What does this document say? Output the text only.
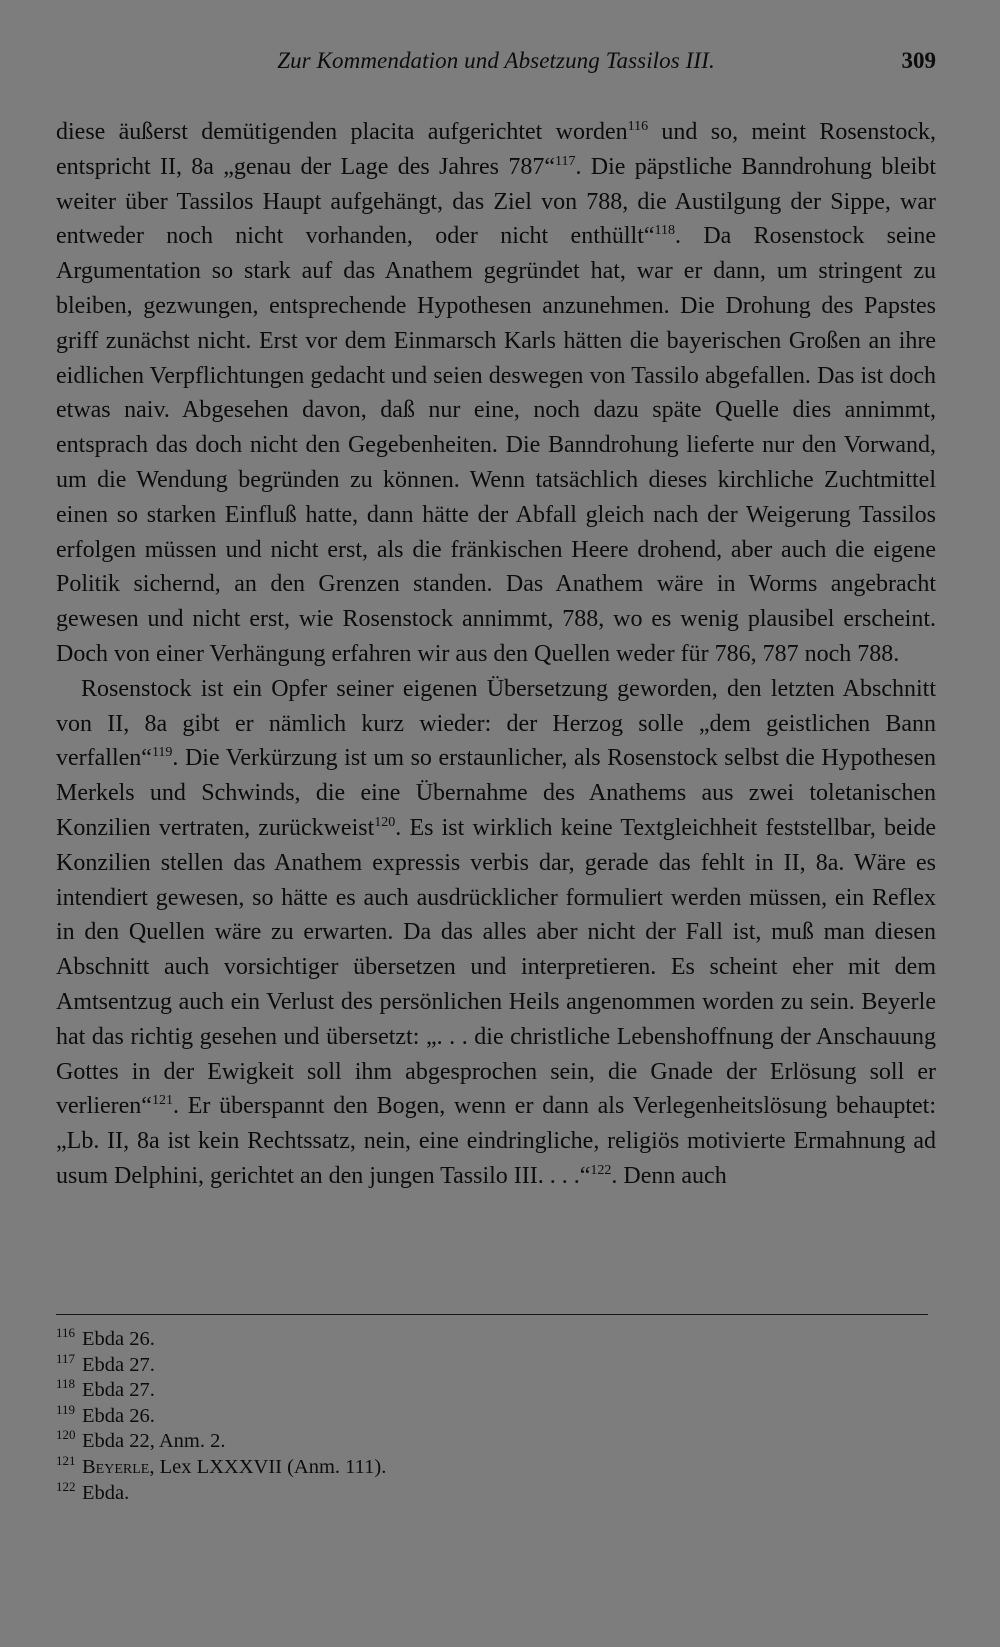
Zur Kommendation und Absetzung Tassilos III.	309

diese äußerst demütigenden placita aufgerichtet worden$^{116}$ und so, meint Rosenstock, entspricht II, 8a „genau der Lage des Jahres 787“$^{117}$. Die päpstliche Banndrohung bleibt weiter über Tassilos Haupt aufgehängt, das Ziel von 788, die Austilgung der Sippe, war entweder noch nicht vorhanden, oder nicht enthüllt“$^{118}$. Da Rosenstock seine Argumentation so stark auf das Anathem gegründet hat, war er dann, um stringent zu bleiben, gezwungen, entsprechende Hypothesen anzunehmen. Die Drohung des Papstes griff zunächst nicht. Erst vor dem Einmarsch Karls hätten die bayerischen Großen an ihre eidlichen Verpflichtungen gedacht und seien deswegen von Tassilo abgefallen. Das ist doch etwas naiv. Abgesehen davon, daß nur eine, noch dazu späte Quelle dies annimmt, entsprach das doch nicht den Gegebenheiten. Die Banndrohung lieferte nur den Vorwand, um die Wendung begründen zu können. Wenn tatsächlich dieses kirchliche Zuchtmittel einen so starken Einfluß hatte, dann hätte der Abfall gleich nach der Weigerung Tassilos erfolgen müssen und nicht erst, als die fränkischen Heere drohend, aber auch die eigene Politik sichernd, an den Grenzen standen. Das Anathem wäre in Worms angebracht gewesen und nicht erst, wie Rosenstock annimmt, 788, wo es wenig plausibel erscheint. Doch von einer Verhängung erfahren wir aus den Quellen weder für 786, 787 noch 788.

Rosenstock ist ein Opfer seiner eigenen Übersetzung geworden, den letzten Abschnitt von II, 8a gibt er nämlich kurz wieder: der Herzog solle „dem geistlichen Bann verfallen“$^{119}$. Die Verkürzung ist um so erstaunlicher, als Rosenstock selbst die Hypothesen Merkels und Schwinds, die eine Übernahme des Anathems aus zwei toletanischen Konzilien vertraten, zurückweist$^{120}$. Es ist wirklich keine Textgleichheit feststellbar, beide Konzilien stellen das Anathem expressis verbis dar, gerade das fehlt in II, 8a. Wäre es intendiert gewesen, so hätte es auch ausdrücklicher formuliert werden müssen, ein Reflex in den Quellen wäre zu erwarten. Da das alles aber nicht der Fall ist, muß man diesen Abschnitt auch vorsichtiger übersetzen und interpretieren. Es scheint eher mit dem Amtsentzug auch ein Verlust des persönlichen Heils angenommen worden zu sein. Beyerle hat das richtig gesehen und übersetzt: „. . . die christliche Lebenshoffnung der Anschauung Gottes in der Ewigkeit soll ihm abgesprochen sein, die Gnade der Erlösung soll er verlieren“$^{121}$. Er überspannt den Bogen, wenn er dann als Verlegenheitslösung behauptet: „Lb. II, 8a ist kein Rechtssatz, nein, eine eindringliche, religiös motivierte Ermahnung ad usum Delphini, gerichtet an den jungen Tassilo III. . . .“$^{122}$. Denn auch

116 Ebda 26.
117 Ebda 27.
118 Ebda 27.
119 Ebda 26.
120 Ebda 22, Anm. 2.
121 Beyerle, Lex LXXXVII (Anm. 111).
122 Ebda.
